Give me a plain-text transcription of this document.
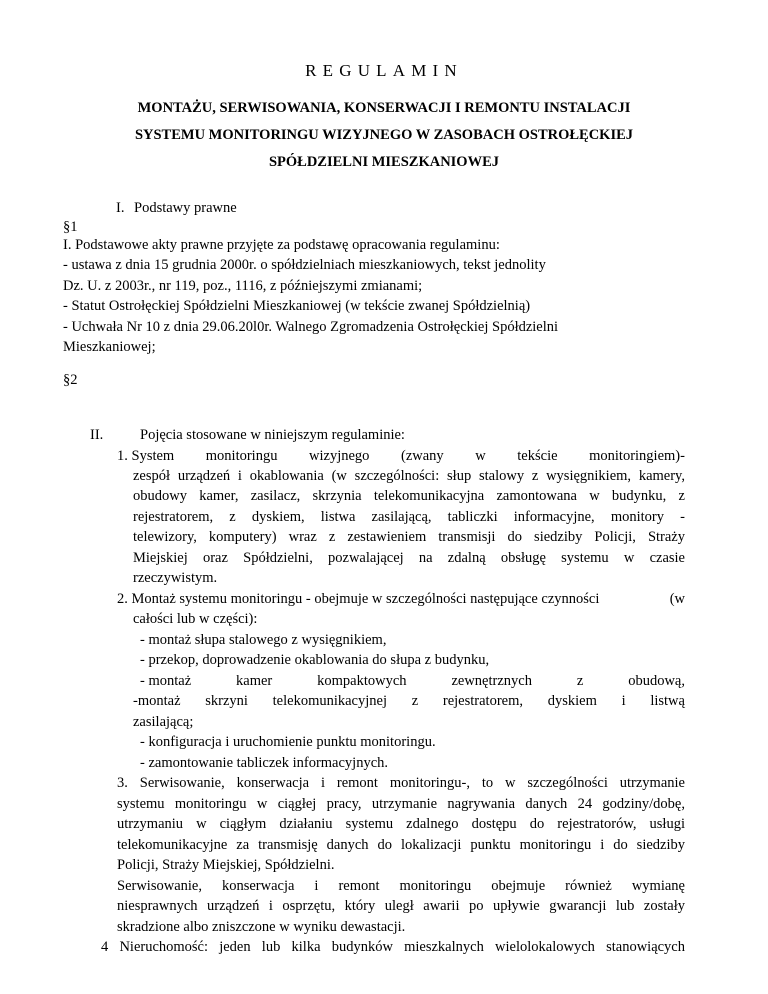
REGULAMIN
MONTAŻU, SERWISOWANIA, KONSERWACJI I REMONTU INSTALACJI
SYSTEMU MONITORINGU WIZYJNEGO W ZASOBACH OSTROŁĘCKIEJ
SPÓŁDZIELNI MIESZKANIOWEJ
I. Podstawy prawne
§1
I. Podstawowe akty prawne przyjęte za podstawę opracowania regulaminu:
- ustawa z dnia 15 grudnia 2000r. o spółdzielniach mieszkaniowych, tekst jednolity
Dz. U. z 2003r., nr 119, poz., 1116, z późniejszymi zmianami;
- Statut Ostrołęckiej Spółdzielni Mieszkaniowej (w tekście zwanej Spółdzielnią)
- Uchwała Nr 10 z dnia 29.06.20l0r. Walnego Zgromadzenia Ostrołęckiej Spółdzielni
Mieszkaniowej;
§2
II.	Pojęcia stosowane w niniejszym regulaminie:
1. System monitoringu wizyjnego (zwany w tekście monitoringiem)-
zespół urządzeń i okablowania (w szczególności: słup stalowy z wysięgnikiem, kamery,
obudowy kamer, zasilacz, skrzynia telekomunikacyjna zamontowana w budynku, z
rejestratorem, z dyskiem, listwa zasilającą, tabliczki informacyjne, monitory -
telewizory, komputery) wraz z zestawieniem transmisji do siedziby Policji, Straży
Miejskiej oraz Spółdzielni, pozwalającej na zdalną obsługę systemu w czasie
rzeczywistym.
2. Montaż systemu monitoringu - obejmuje w szczególności następujące czynności	(w
całości lub w części):
- montaż słupa stalowego z wysięgnikiem,
- przekop, doprowadzenie okablowania do słupa z budynku,
- montaż	kamer	kompaktowych	zewnętrznych	z	obudową,
-montaż skrzyni telekomunikacyjnej z rejestratorem, dyskiem i listwą
zasilającą;
- konfiguracja i uruchomienie punktu monitoringu.
- zamontowanie tabliczek informacyjnych.
3. Serwisowanie, konserwacja i remont monitoringu-, to w szczególności utrzymanie
systemu monitoringu w ciągłej pracy, utrzymanie nagrywania danych 24 godziny/dobę,
utrzymaniu w ciągłym działaniu systemu zdalnego dostępu do rejestratorów, usługi
telekomunikacyjne za transmisję danych do lokalizacji punktu monitoringu i do siedziby
Policji, Straży Miejskiej, Spółdzielni.
Serwisowanie, konserwacja i remont monitoringu obejmuje również wymianę
niesprawnych urządzeń i osprzętu, który uległ awarii po upływie gwarancji lub zostały
skradzione albo zniszczone w wyniku dewastacji.
4 Nieruchomość: jeden lub kilka budynków mieszkalnych wielolokalowych stanowiących
